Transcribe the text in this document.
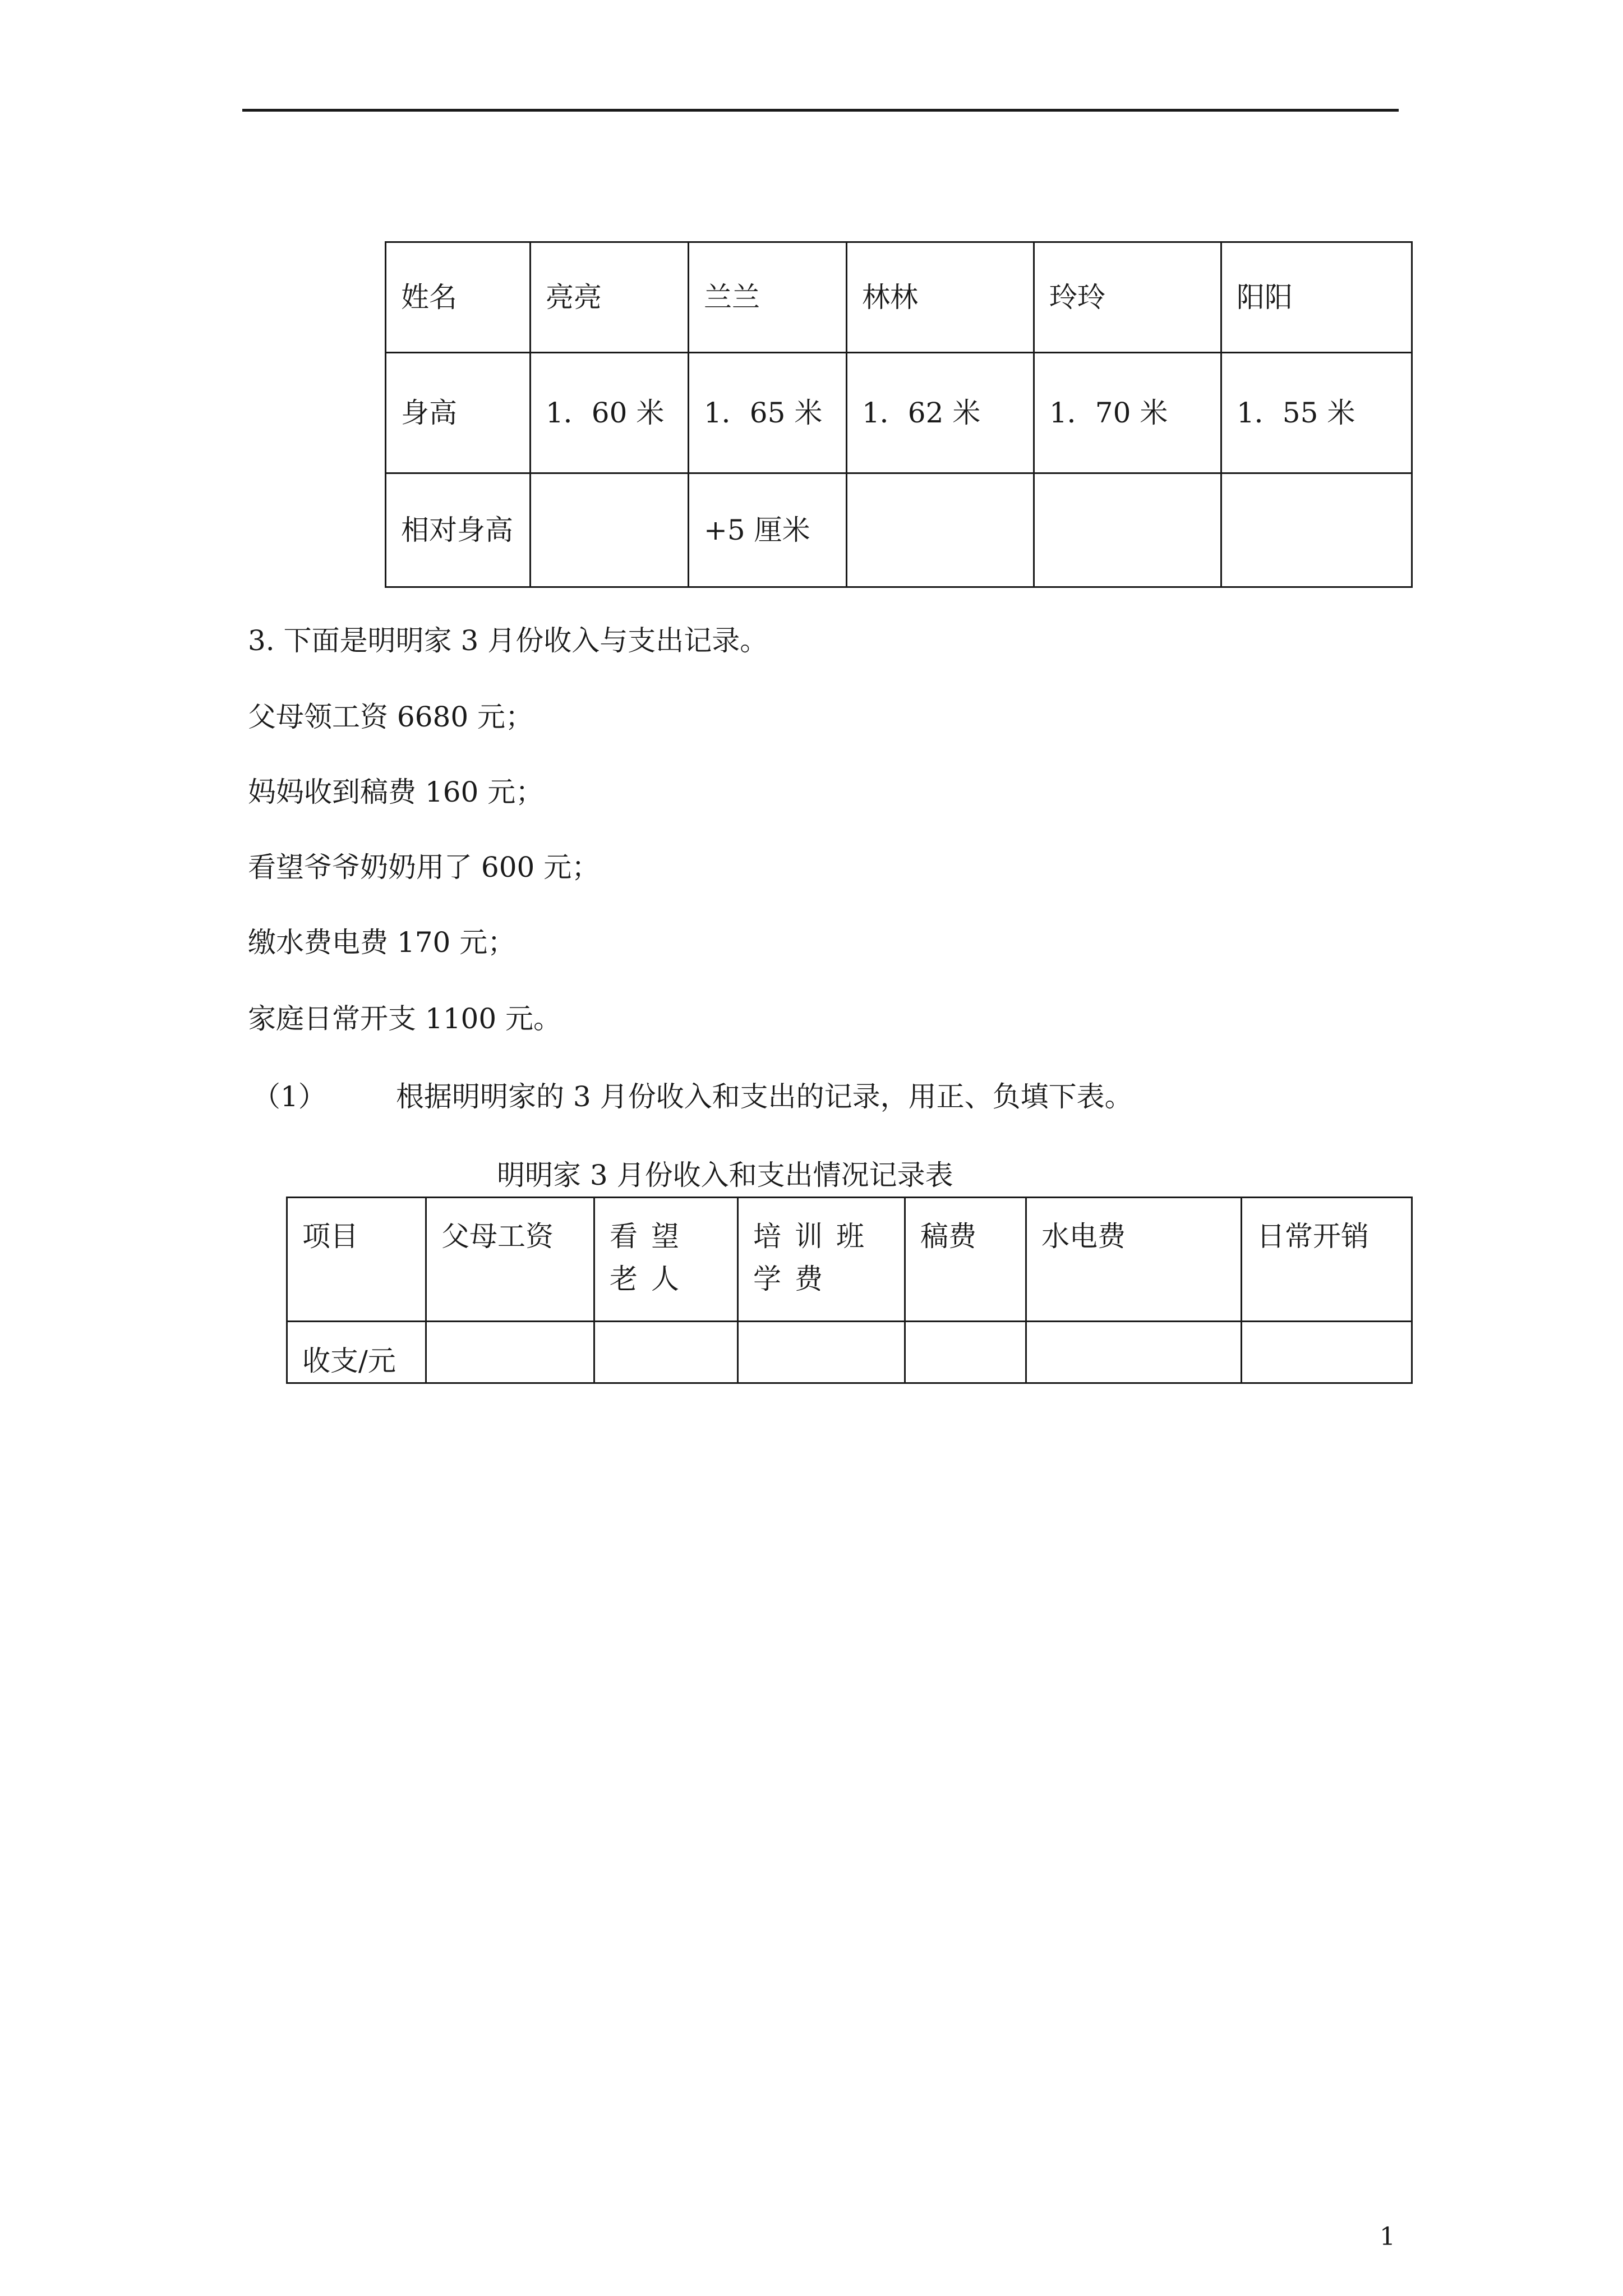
姓名	亮亮	兰兰	林林	玲玲	阳阳
身高	1．60 米	1．65 米	1．62 米	1．70 米	1．55 米
相对身高		+5 厘米			
3. 下面是明明家 3 月份收入与支出记录。
父母领工资 6680 元；
妈妈收到稿费 160 元；
看望爷爷奶奶用了 600 元；
缴水费电费 170 元；
家庭日常开支 1100 元。
（1） 根据明明家的 3 月份收入和支出的记录，用正、负填下表。
明明家 3 月份收入和支出情况记录表
项目	父母工资	看望老人	培训班学费	稿费	水电费	日常开销
收支/元						
1
